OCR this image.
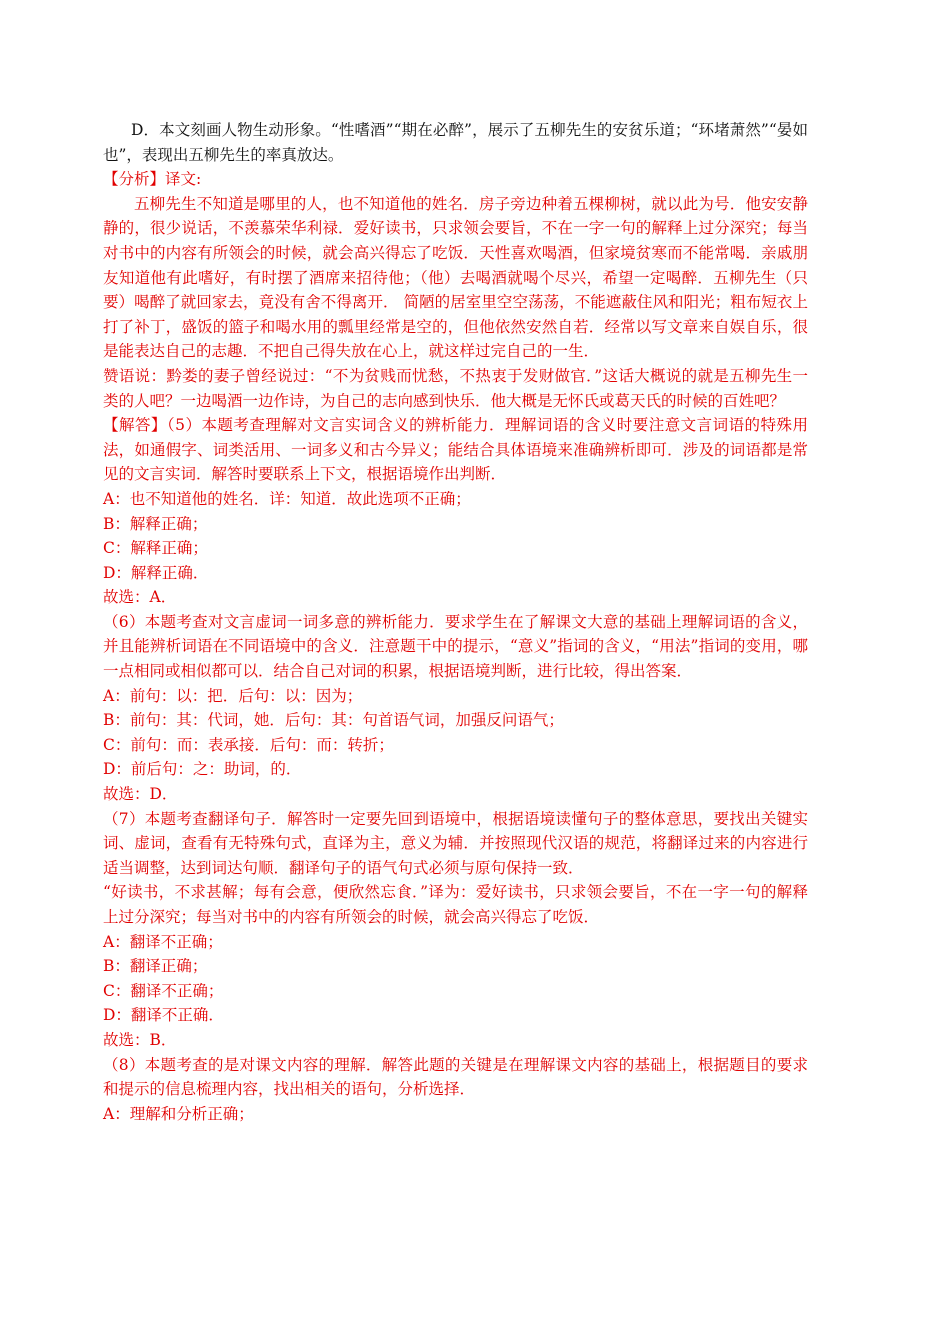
D．本文刻画人物生动形象。“性嗜酒”“期在必醉”，展示了五柳先生的安贫乐道；“环堵萧然”“晏如也”，表现出五柳先生的率真放达。

【分析】译文:

五柳先生不知道是哪里的人，也不知道他的姓名．房子旁边种着五棵柳树，就以此为号．他安安静静的，很少说话，不羡慕荣华利禄．爱好读书，只求领会要旨，不在一字一句的解释上过分深究；每当对书中的内容有所领会的时候，就会高兴得忘了吃饭．天性喜欢喝酒，但家境贫寒而不能常喝．亲戚朋友知道他有此嗜好，有时摆了酒席来招待他；（他）去喝酒就喝个尽兴，希望一定喝醉．五柳先生（只要）喝醉了就回家去，竟没有舍不得离开． 简陋的居室里空空荡荡，不能遮蔽住风和阳光；粗布短衣上打了补丁，盛饭的篮子和喝水用的瓢里经常是空的，但他依然安然自若．经常以写文章来自娱自乐，很是能表达自己的志趣．不把自己得失放在心上，就这样过完自己的一生．

赞语说：黔娄的妻子曾经说过：“不为贫贱而忧愁，不热衷于发财做官．”这话大概说的就是五柳先生一类的人吧？一边喝酒一边作诗，为自己的志向感到快乐．他大概是无怀氏或葛天氏的时候的百姓吧？

【解答】（5）本题考查理解对文言实词含义的辨析能力．理解词语的含义时要注意文言词语的特殊用法，如通假字、词类活用、一词多义和古今异义；能结合具体语境来准确辨析即可．涉及的词语都是常见的文言实词．解答时要联系上下文，根据语境作出判断．

A：也不知道他的姓名．详：知道．故此选项不正确；

B：解释正确；

C：解释正确；

D：解释正确．

故选：A．

（6）本题考查对文言虚词一词多意的辨析能力．要求学生在了解课文大意的基础上理解词语的含义，并且能辨析词语在不同语境中的含义．注意题干中的提示，“意义”指词的含义，“用法”指词的变用，哪一点相同或相似都可以．结合自己对词的积累，根据语境判断，进行比较，得出答案．

A：前句：以：把．后句：以：因为；

B：前句：其：代词，她．后句：其：句首语气词，加强反问语气；

C：前句：而：表承接．后句：而：转折；

D：前后句：之：助词，的．

故选：D．

（7）本题考查翻译句子．解答时一定要先回到语境中，根据语境读懂句子的整体意思，要找出关键实词、虚词，查看有无特殊句式，直译为主，意义为辅．并按照现代汉语的规范，将翻译过来的内容进行适当调整，达到词达句顺．翻译句子的语气句式必须与原句保持一致．

“好读书，不求甚解；每有会意，便欣然忘食．”译为：爱好读书，只求领会要旨，不在一字一句的解释上过分深究；每当对书中的内容有所领会的时候，就会高兴得忘了吃饭．

A：翻译不正确；

B：翻译正确；

C：翻译不正确；

D：翻译不正确．

故选：B．

（8）本题考查的是对课文内容的理解．解答此题的关键是在理解课文内容的基础上，根据题目的要求和提示的信息梳理内容，找出相关的语句，分析选择．

A：理解和分析正确；
